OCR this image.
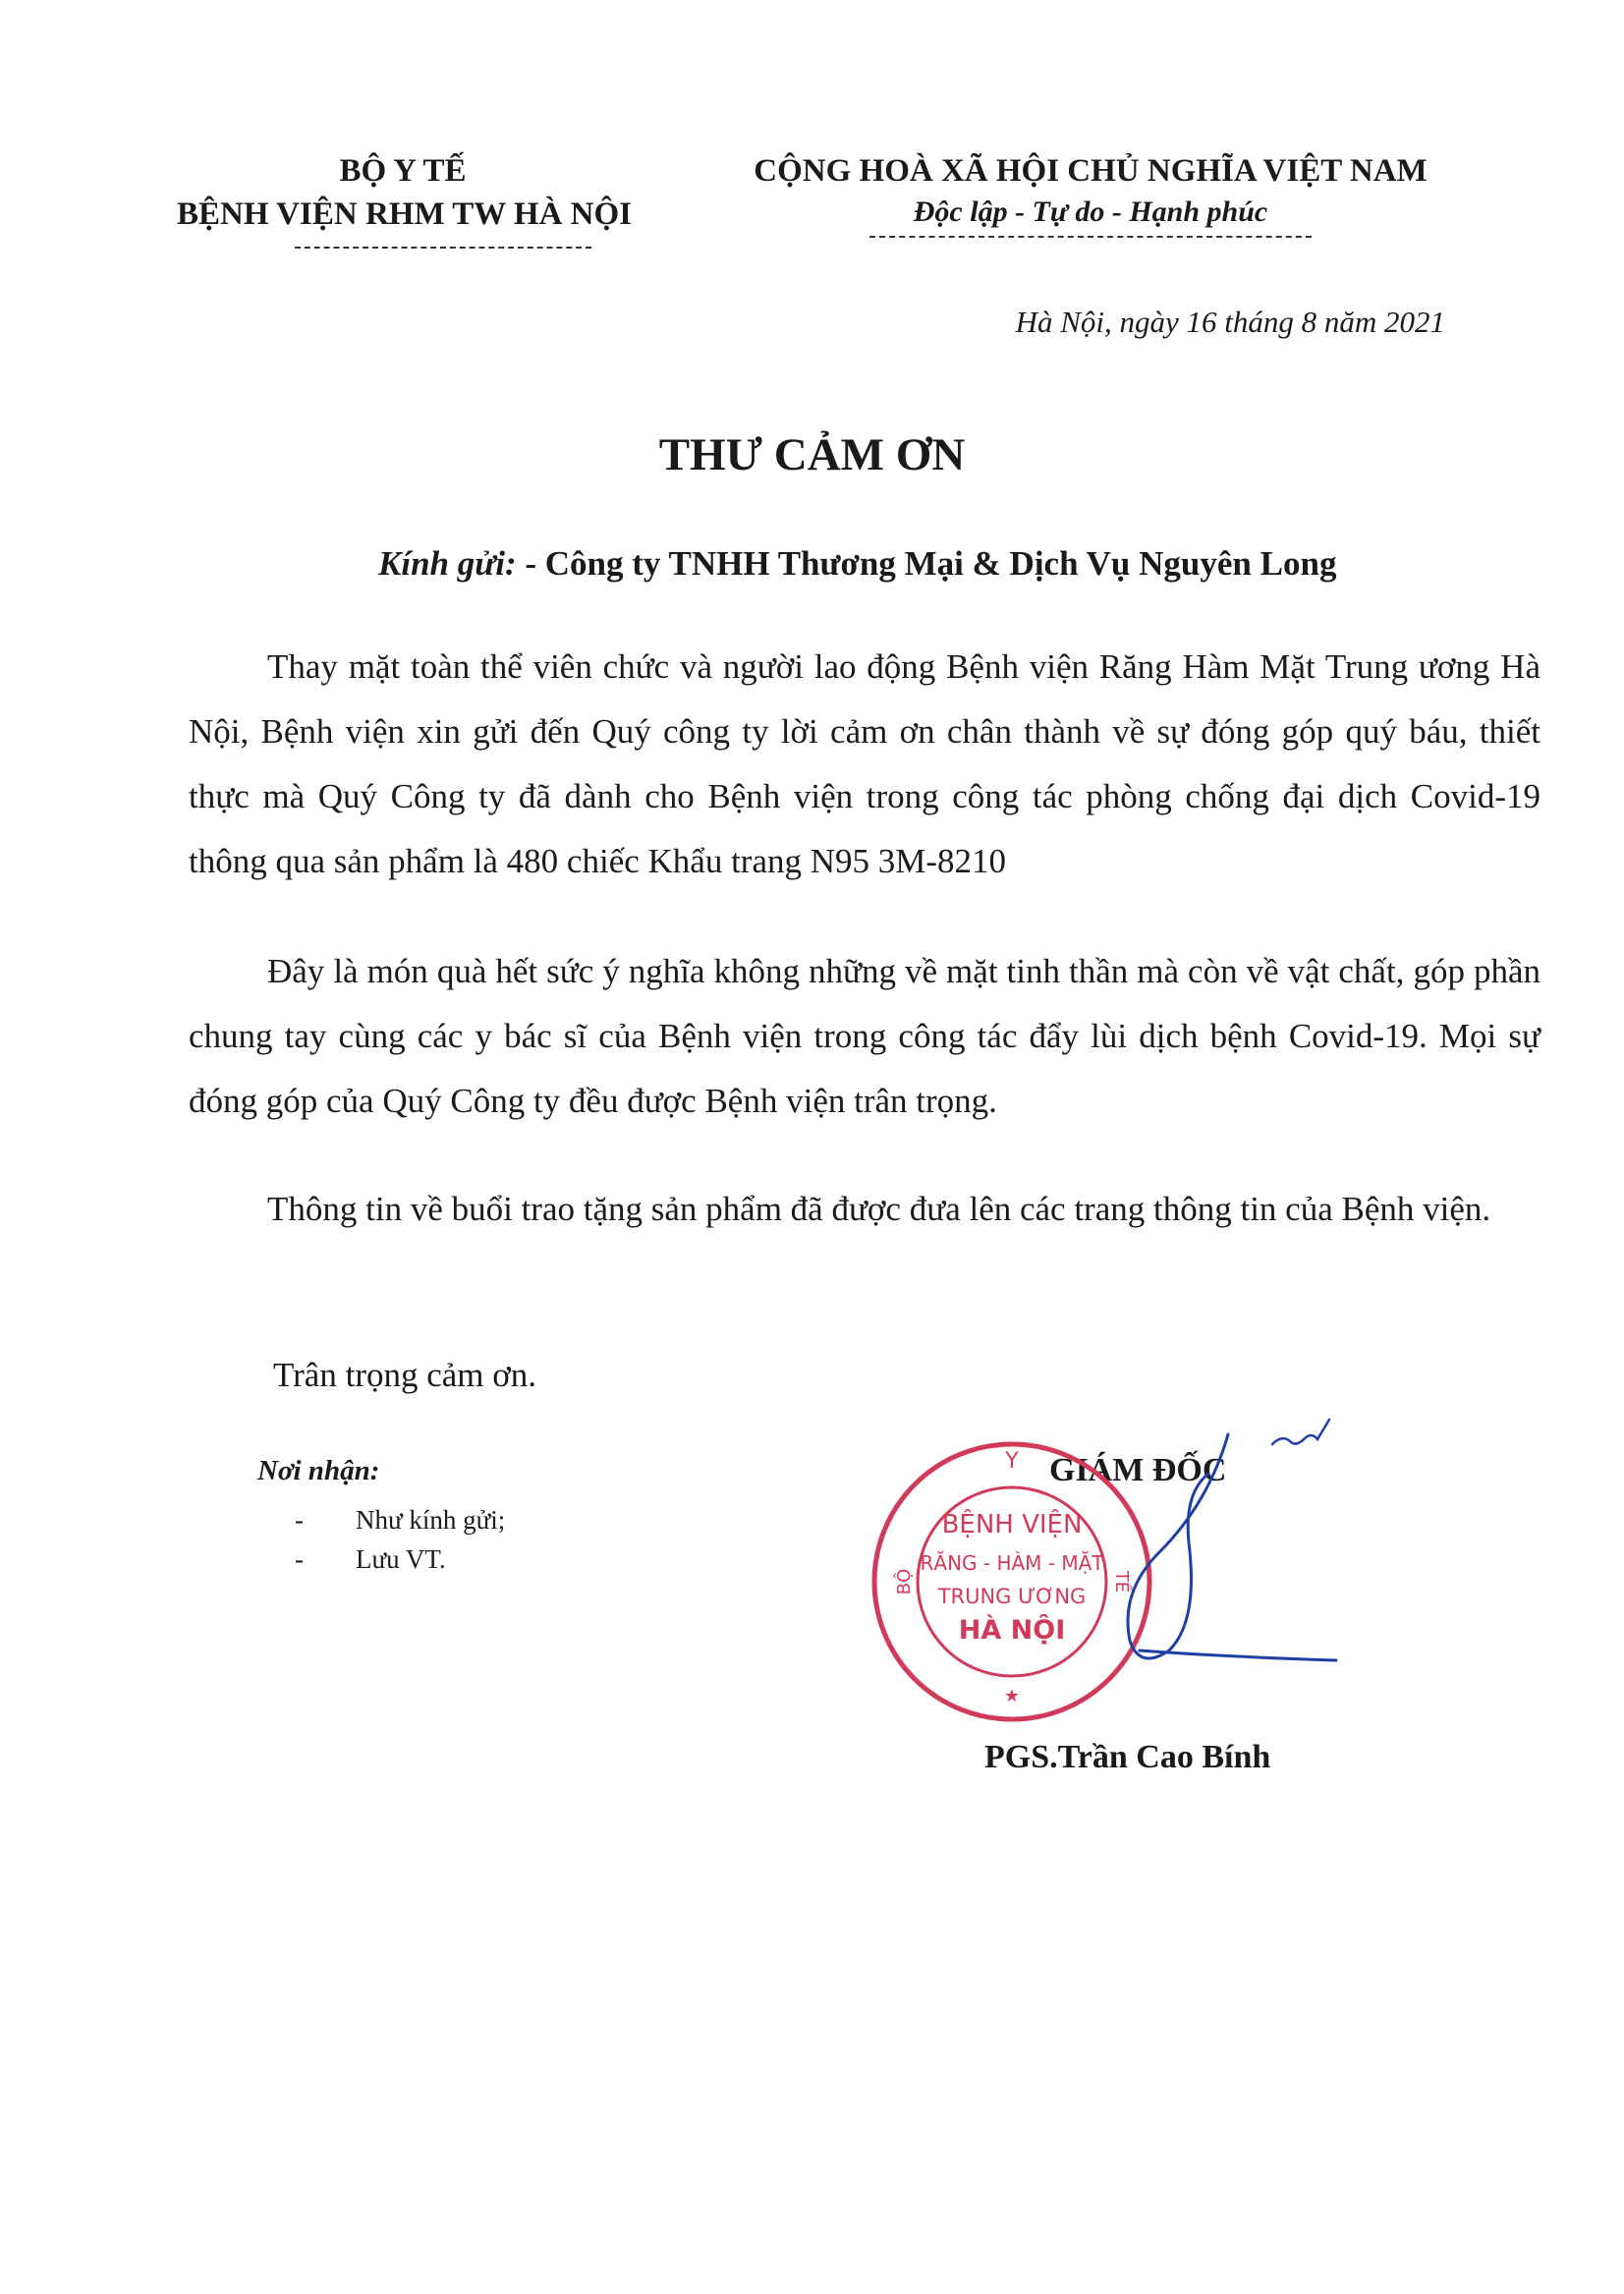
BỘ Y TẾ
BỆNH VIỆN RHM TW HÀ NỘI
CỘNG HOÀ XÃ HỘI CHỦ NGHĨA VIỆT NAM
Độc lập - Tự do - Hạnh phúc
Hà Nội, ngày 16 tháng 8 năm 2021
THƯ CẢM ƠN
Kính gửi: - Công ty TNHH Thương Mại & Dịch Vụ Nguyên Long
Thay mặt toàn thể viên chức và người lao động Bệnh viện Răng Hàm Mặt Trung ương Hà Nội, Bệnh viện xin gửi đến Quý công ty lời cảm ơn chân thành về sự đóng góp quý báu, thiết thực mà Quý Công ty đã dành cho Bệnh viện trong công tác phòng chống đại dịch Covid-19 thông qua sản phẩm là 480 chiếc Khẩu trang N95 3M-8210
Đây là món quà hết sức ý nghĩa không những về mặt tinh thần mà còn về vật chất, góp phần chung tay cùng các y bác sĩ của Bệnh viện trong công tác đẩy lùi dịch bệnh Covid-19. Mọi sự đóng góp của Quý Công ty đều được Bệnh viện trân trọng.
Thông tin về buổi trao tặng sản phẩm đã được đưa lên các trang thông tin của Bệnh viện.
Trân trọng cảm ơn.
Nơi nhận:
- Như kính gửi;
- Lưu VT.
GIÁM ĐỐC
Y
BỘ	TẾ
BỆNH VIỆN
RĂNG - HÀM - MẶT
TRUNG ƯƠNG
HÀ NỘI
★
PGS.Trần Cao Bính
